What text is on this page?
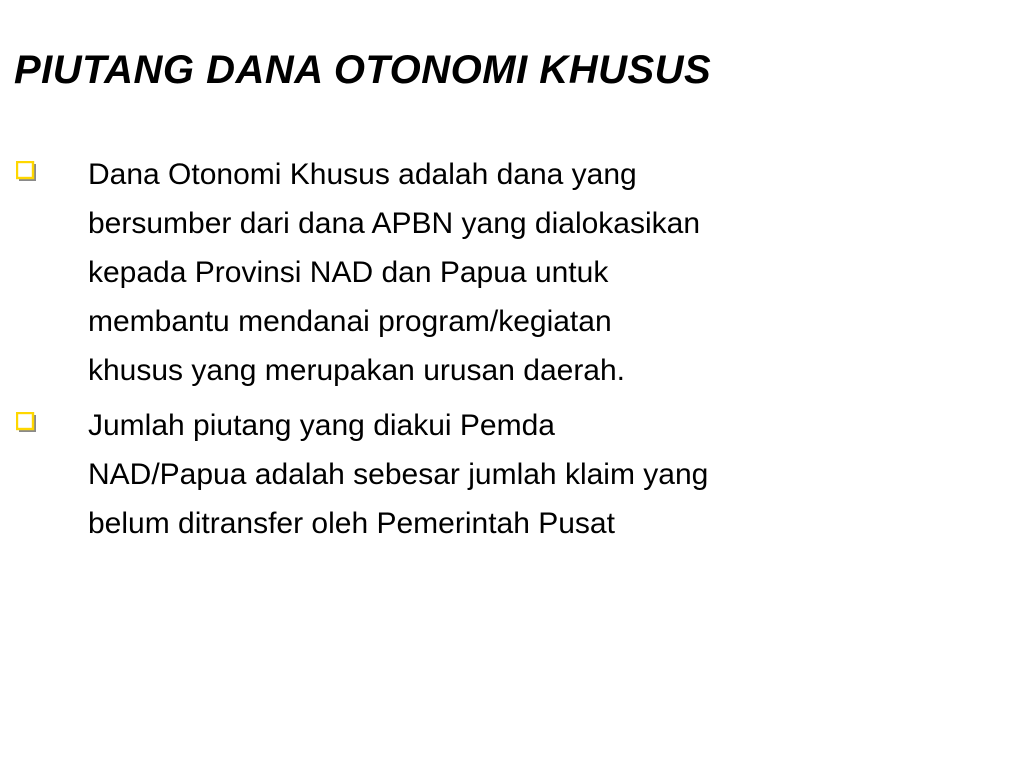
PIUTANG DANA OTONOMI KHUSUS

Dana Otonomi Khusus adalah dana yang

bersumber dari dana APBN yang dialokasikan

kepada Provinsi NAD dan Papua untuk

membantu mendanai program/kegiatan

khusus yang merupakan urusan daerah.

Jumlah piutang yang diakui Pemda

NAD/Papua adalah sebesar jumlah klaim yang

belum ditransfer oleh Pemerintah Pusat
